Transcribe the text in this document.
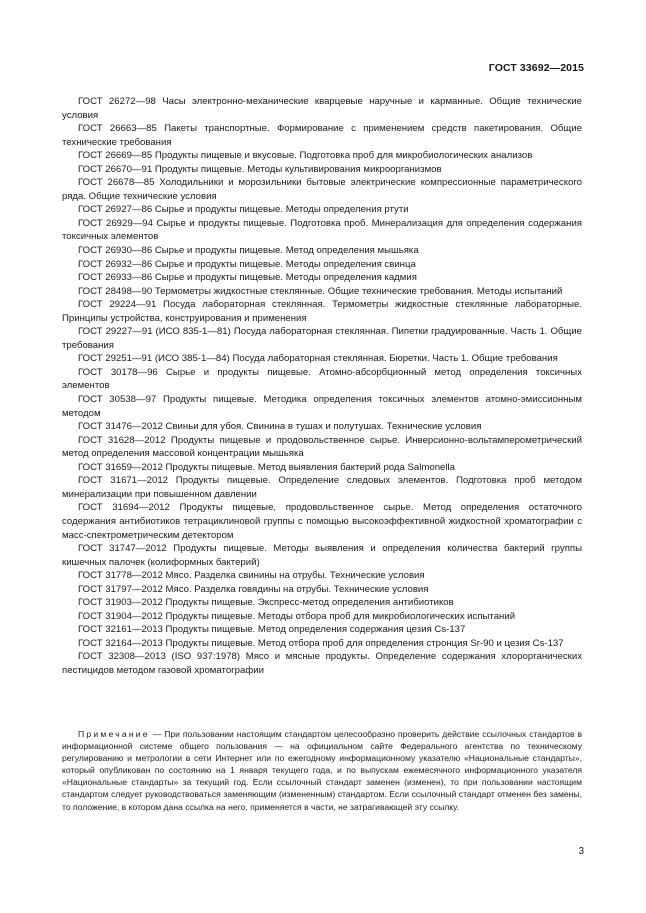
ГОСТ 33692—2015
ГОСТ 26272—98 Часы электронно-механические кварцевые наручные и карманные. Общие технические условия
ГОСТ 26663—85 Пакеты транспортные. Формирование с применением средств пакетирования. Общие технические требования
ГОСТ 26669—85 Продукты пищевые и вкусовые. Подготовка проб для микробиологических анализов
ГОСТ 26670—91 Продукты пищевые. Методы культивирования микроорганизмов
ГОСТ 26678—85 Холодильники и морозильники бытовые электрические компрессионные параметрического ряда. Общие технические условия
ГОСТ 26927—86 Сырье и продукты пищевые. Методы определения ртути
ГОСТ 26929—94 Сырье и продукты пищевые. Подготовка проб. Минерализация для определения содержания токсичных элементов
ГОСТ 26930—86 Сырье и продукты пищевые. Метод определения мышьяка
ГОСТ 26932—86 Сырье и продукты пищевые. Методы определения свинца
ГОСТ 26933—86 Сырье и продукты пищевые. Методы определения кадмия
ГОСТ 28498—90 Термометры жидкостные стеклянные. Общие технические требования. Методы испытаний
ГОСТ 29224—91 Посуда лабораторная стеклянная. Термометры жидкостные стеклянные лабораторные. Принципы устройства, конструирования и применения
ГОСТ 29227—91 (ИСО 835-1—81) Посуда лабораторная стеклянная. Пипетки градуированные. Часть 1. Общие требования
ГОСТ 29251—91 (ИСО 385-1—84) Посуда лабораторная стеклянная. Бюретки. Часть 1. Общие требования
ГОСТ 30178—96 Сырье и продукты пищевые. Атомно-абсорбционный метод определения токсичных элементов
ГОСТ 30538—97 Продукты пищевые. Методика определения токсичных элементов атомно-эмиссионным методом
ГОСТ 31476—2012 Свиньи для убоя. Свинина в тушах и полутушах. Технические условия
ГОСТ 31628—2012 Продукты пищевые и продовольственное сырье. Инверсионно-вольтамперометрический метод определения массовой концентрации мышьяка
ГОСТ 31659—2012 Продукты пищевые. Метод выявления бактерий рода Salmonella
ГОСТ 31671—2012 Продукты пищевые. Определение следовых элементов. Подготовка проб методом минерализации при повышенном давлении
ГОСТ 31694—2012 Продукты пищевые, продовольственное сырье. Метод определения остаточного содержания антибиотиков тетрациклиновой группы с помощью высокоэффективной жидкостной хроматографии с масс-спектрометрическим детектором
ГОСТ 31747—2012 Продукты пищевые. Методы выявления и определения количества бактерий группы кишечных палочек (колиформных бактерий)
ГОСТ 31778—2012 Мясо. Разделка свинины на отрубы. Технические условия
ГОСТ 31797—2012 Мясо. Разделка говядины на отрубы. Технические условия
ГОСТ 31903—2012 Продукты пищевые. Экспресс-метод определения антибиотиков
ГОСТ 31904—2012 Продукты пищевые. Методы отбора проб для микробиологических испытаний
ГОСТ 32161—2013 Продукты пищевые. Метод определения содержания цезия Cs-137
ГОСТ 32164—2013 Продукты пищевые. Метод отбора проб для определения стронция Sr-90 и цезия Cs-137
ГОСТ 32308—2013 (ISO 937:1978) Мясо и мясные продукты. Определение содержания хлорорганических пестицидов методом газовой хроматографии
Примечание — При пользовании настоящим стандартом целесообразно проверить действие ссылочных стандартов в информационной системе общего пользования — на официальном сайте Федерального агентства по техническому регулированию и метрологии в сети Интернет или по ежегодному информационному указателю «Национальные стандарты», который опубликован по состоянию на 1 января текущего года, и по выпускам ежемесячного информационного указателя «Национальные стандарты» за текущий год. Если ссылочный стандарт заменен (изменен), то при пользовании настоящим стандартом следует руководствоваться заменяющим (измененным) стандартом. Если ссылочный стандарт отменен без замены, то положение, в котором дана ссылка на него, применяется в части, не затрагивающей эту ссылку.
3
